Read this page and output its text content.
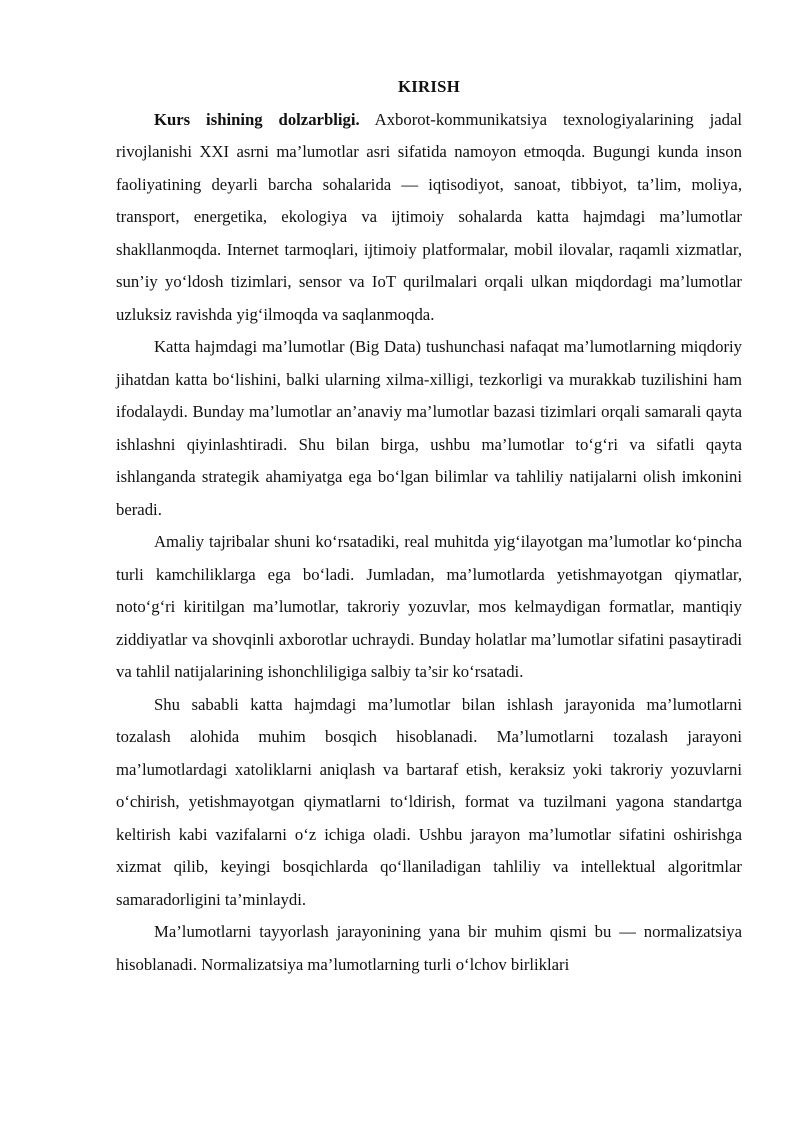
KIRISH

Kurs ishining dolzarbligi. Axborot-kommunikatsiya texnologiyalarining jadal rivojlanishi XXI asrni ma’lumotlar asri sifatida namoyon etmoqda. Bugungi kunda inson faoliyatining deyarli barcha sohalarida — iqtisodiyot, sanoat, tibbiyot, ta’lim, moliya, transport, energetika, ekologiya va ijtimoiy sohalarda katta hajmdagi ma’lumotlar shakllanmoqda. Internet tarmoqlari, ijtimoiy platformalar, mobil ilovalar, raqamli xizmatlar, sun’iy yo‘ldosh tizimlari, sensor va IoT qurilmalari orqali ulkan miqdordagi ma’lumotlar uzluksiz ravishda yig‘ilmoqda va saqlanmoqda.

Katta hajmdagi ma’lumotlar (Big Data) tushunchasi nafaqat ma’lumotlarning miqdoriy jihatdan katta bo‘lishini, balki ularning xilma-xilligi, tezkorligi va murakkab tuzilishini ham ifodalaydi. Bunday ma’lumotlar an’anaviy ma’lumotlar bazasi tizimlari orqali samarali qayta ishlashni qiyinlashtiradi. Shu bilan birga, ushbu ma’lumotlar to‘g‘ri va sifatli qayta ishlanganda strategik ahamiyatga ega bo‘lgan bilimlar va tahliliy natijalarni olish imkonini beradi.

Amaliy tajribalar shuni ko‘rsatadiki, real muhitda yig‘ilayotgan ma’lumotlar ko‘pincha turli kamchiliklarga ega bo‘ladi. Jumladan, ma’lumotlarda yetishmayotgan qiymatlar, noto‘g‘ri kiritilgan ma’lumotlar, takroriy yozuvlar, mos kelmaydigan formatlar, mantiqiy ziddiyatlar va shovqinli axborotlar uchraydi. Bunday holatlar ma’lumotlar sifatini pasaytiradi va tahlil natijalarining ishonchliligiga salbiy ta’sir ko‘rsatadi.

Shu sababli katta hajmdagi ma’lumotlar bilan ishlash jarayonida ma’lumotlarni tozalash alohida muhim bosqich hisoblanadi. Ma’lumotlarni tozalash jarayoni ma’lumotlardagi xatoliklarni aniqlash va bartaraf etish, keraksiz yoki takroriy yozuvlarni o‘chirish, yetishmayotgan qiymatlarni to‘ldirish, format va tuzilmani yagona standartga keltirish kabi vazifalarni o‘z ichiga oladi. Ushbu jarayon ma’lumotlar sifatini oshirishga xizmat qilib, keyingi bosqichlarda qo‘llaniladigan tahliliy va intellektual algoritmlar samaradorligini ta’minlaydi.

Ma’lumotlarni tayyorlash jarayonining yana bir muhim qismi bu — normalizatsiya hisoblanadi. Normalizatsiya ma’lumotlarning turli o‘lchov birliklari
